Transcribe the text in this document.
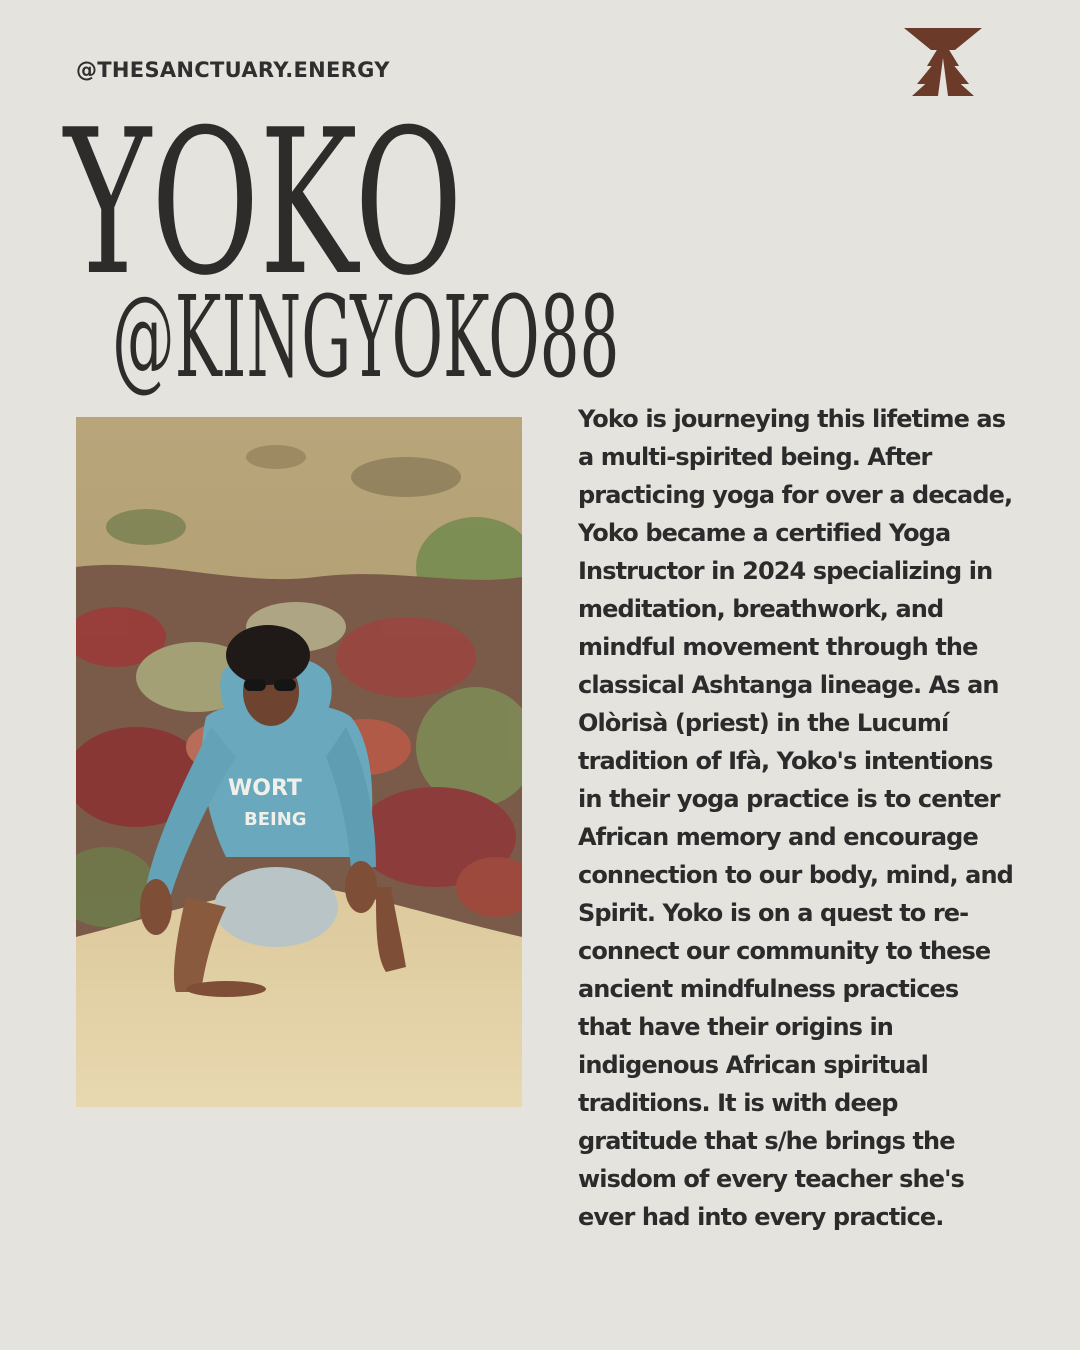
@THESANCTUARY.ENERGY
YOKO
@KINGYOKO88
WORT
BEING
Yoko is journeying this lifetime as a multi-spirited being. After practicing yoga for over a decade, Yoko became a certified Yoga Instructor in 2024 specializing in meditation, breathwork, and mindful movement through the classical Ashtanga lineage. As an Olòrisà (priest) in the Lucumí tradition of Ifà, Yoko's intentions in their yoga practice is to center African memory and encourage connection to our body, mind, and Spirit. Yoko is on a quest to re-connect our community to these ancient mindfulness practices that have their origins in indigenous African spiritual traditions. It is with deep gratitude that s/he brings the wisdom of every teacher she's ever had into every practice.
